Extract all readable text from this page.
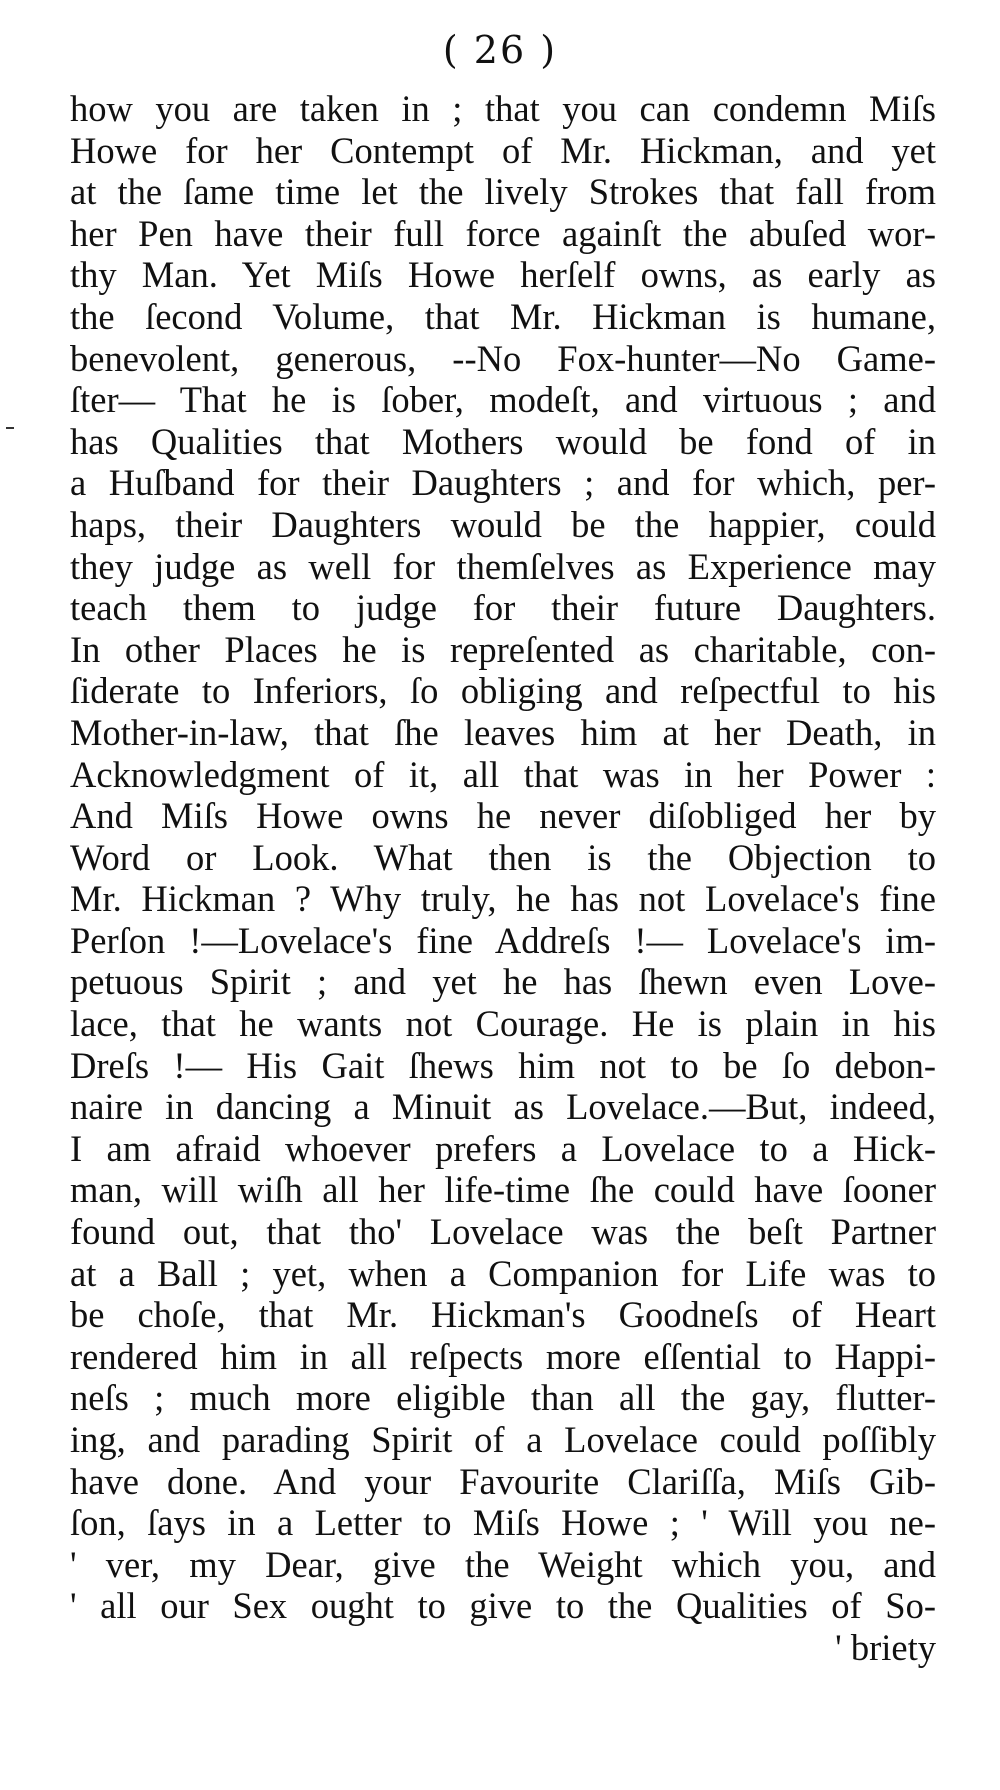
( 26 )
how you are taken in ; that you can condemn Miſs
Howe for her Contempt of Mr. Hickman, and yet
at the ſame time let the lively Strokes that fall from
her Pen have their full force againſt the abuſed wor-
thy Man. Yet Miſs Howe herſelf owns, as early as
the ſecond Volume, that Mr. Hickman is humane,
benevolent, generous, --No Fox-hunter—No Game-
ſter— That he is ſober, modeſt, and virtuous ; and
has Qualities that Mothers would be fond of in
a Huſband for their Daughters ; and for which, per-
haps, their Daughters would be the happier, could
they judge as well for themſelves as Experience may
teach them to judge for their future Daughters.
In other Places he is repreſented as charitable, con-
ſiderate to Inferiors, ſo obliging and reſpectful to his
Mother-in-law, that ſhe leaves him at her Death, in
Acknowledgment of it, all that was in her Power :
And Miſs Howe owns he never diſobliged her by
Word or Look. What then is the Objection to
Mr. Hickman ? Why truly, he has not Lovelace's fine
Perſon !—Lovelace's fine Addreſs !— Lovelace's im-
petuous Spirit ; and yet he has ſhewn even Love-
lace, that he wants not Courage. He is plain in his
Dreſs !— His Gait ſhews him not to be ſo debon-
naire in dancing a Minuit as Lovelace.—But, indeed,
I am afraid whoever prefers a Lovelace to a Hick-
man, will wiſh all her life-time ſhe could have ſooner
found out, that tho' Lovelace was the beſt Partner
at a Ball ; yet, when a Companion for Life was to
be choſe, that Mr. Hickman's Goodneſs of Heart
rendered him in all reſpects more eſſential to Happi-
neſs ; much more eligible than all the gay, flutter-
ing, and parading Spirit of a Lovelace could poſſibly
have done. And your Favourite Clariſſa, Miſs Gib-
ſon, ſays in a Letter to Miſs Howe ; ' Will you ne-
' ver, my Dear, give the Weight which you, and
' all our Sex ought to give to the Qualities of So-
' briety
